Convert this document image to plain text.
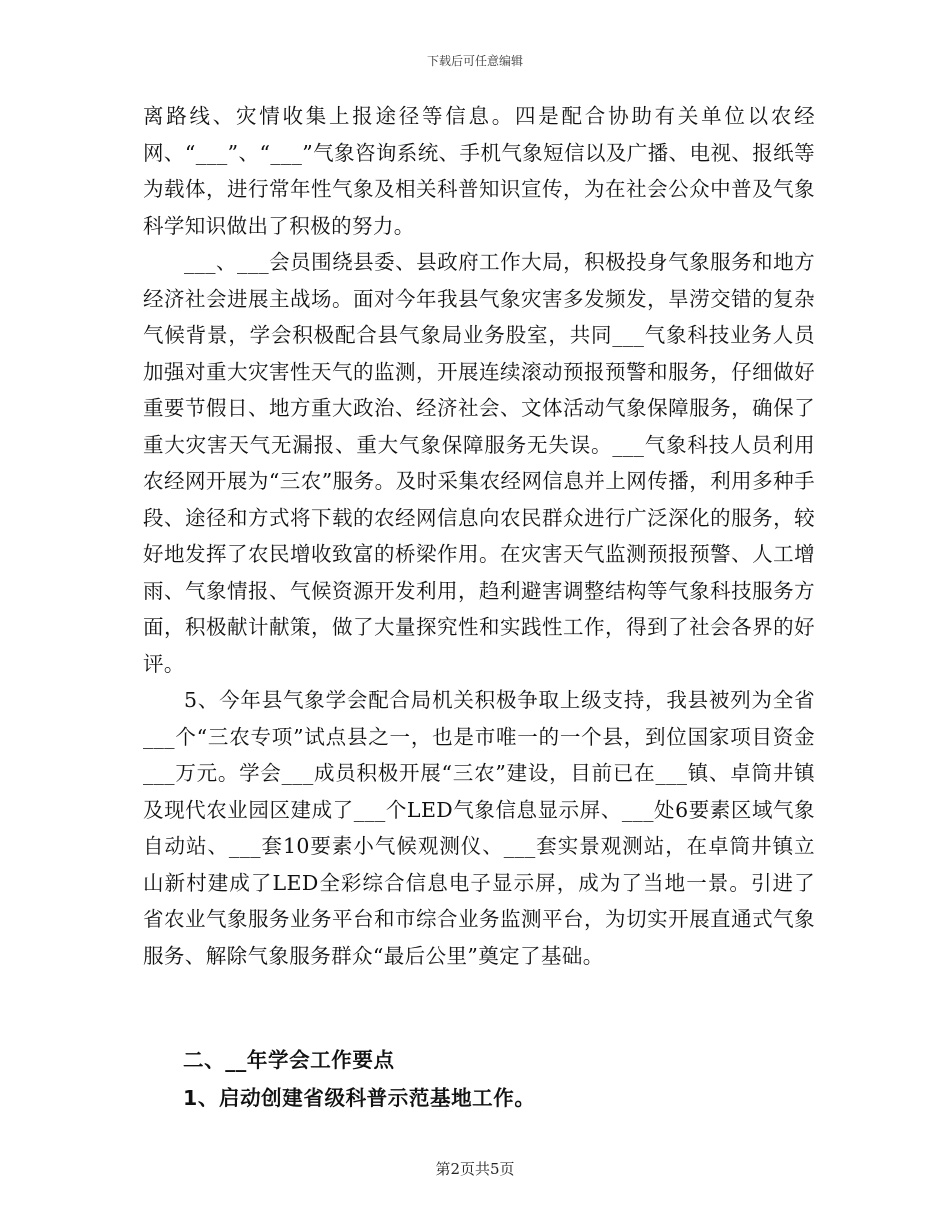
下载后可任意编辑

离路线、灾情收集上报途径等信息。四是配合协助有关单位以农经网、“___”、“___”气象咨询系统、手机气象短信以及广播、电视、报纸等为载体，进行常年性气象及相关科普知识宣传，为在社会公众中普及气象科学知识做出了积极的努力。

___、___会员围绕县委、县政府工作大局，积极投身气象服务和地方经济社会进展主战场。面对今年我县气象灾害多发频发，旱涝交错的复杂气候背景，学会积极配合县气象局业务股室，共同___气象科技业务人员加强对重大灾害性天气的监测，开展连续滚动预报预警和服务，仔细做好重要节假日、地方重大政治、经济社会、文体活动气象保障服务，确保了重大灾害天气无漏报、重大气象保障服务无失误。___气象科技人员利用农经网开展为“三农”服务。及时采集农经网信息并上网传播，利用多种手段、途径和方式将下载的农经网信息向农民群众进行广泛深化的服务，较好地发挥了农民增收致富的桥梁作用。在灾害天气监测预报预警、人工增雨、气象情报、气候资源开发利用，趋利避害调整结构等气象科技服务方面，积极献计献策，做了大量探究性和实践性工作，得到了社会各界的好评。

5、今年县气象学会配合局机关积极争取上级支持，我县被列为全省___个“三农专项”试点县之一，也是市唯一的一个县，到位国家项目资金___万元。学会___成员积极开展“三农”建设，目前已在___镇、卓筒井镇及现代农业园区建成了___个LED气象信息显示屏、___处6要素区域气象自动站、___套10要素小气候观测仪、___套实景观测站，在卓筒井镇立山新村建成了LED全彩综合信息电子显示屏，成为了当地一景。引进了省农业气象服务业务平台和市综合业务监测平台，为切实开展直通式气象服务、解除气象服务群众“最后公里”奠定了基础。

二、__年学会工作要点
1、启动创建省级科普示范基地工作。
第2页共5页
